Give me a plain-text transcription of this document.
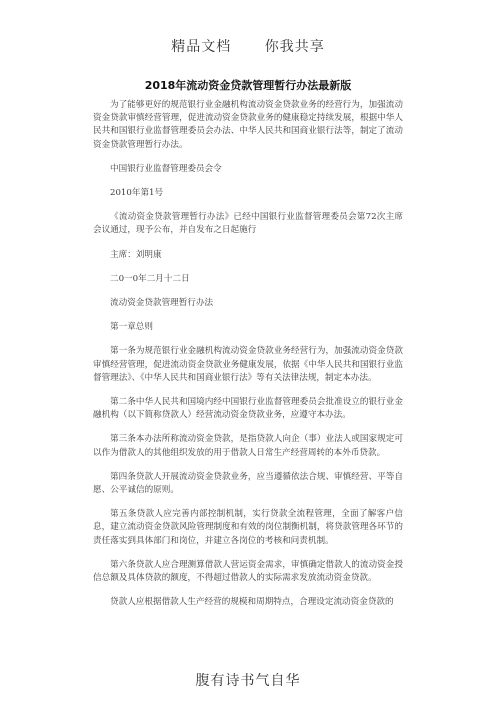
精品文档 你我共享
2018年流动资金贷款管理暂行办法最新版

为了能够更好的规范银行业金融机构流动资金贷款业务的经营行为，加强流动资金贷款审慎经营管理，促进流动资金贷款业务的健康稳定持续发展，根据中华人民共和国银行业监督管理委员会办法、中华人民共和国商业银行法等，制定了流动资金贷款管理暂行办法。

中国银行业监督管理委员会令

2010年第1号

《流动资金贷款管理暂行办法》已经中国银行业监督管理委员会第72次主席会议通过，现予公布，并自发布之日起施行

主席：刘明康

二0一0年二月十二日

流动资金贷款管理暂行办法

第一章总则

第一条为规范银行业金融机构流动资金贷款业务经营行为，加强流动资金贷款审慎经营管理，促进流动资金贷款业务健康发展，依据《中华人民共和国银行业监督管理法》、《中华人民共和国商业银行法》等有关法律法规，制定本办法。

第二条中华人民共和国境内经中国银行业监督管理委员会批准设立的银行业金融机构（以下简称贷款人）经营流动资金贷款业务，应遵守本办法。

第三条本办法所称流动资金贷款，是指贷款人向企（事）业法人或国家规定可以作为借款人的其他组织发放的用于借款人日常生产经营周转的本外币贷款。

第四条贷款人开展流动资金贷款业务，应当遵循依法合规、审慎经营、平等自愿、公平诚信的原则。

第五条贷款人应完善内部控制机制，实行贷款全流程管理，全面了解客户信息，建立流动资金贷款风险管理制度和有效的岗位制衡机制，将贷款管理各环节的责任落实到具体部门和岗位，并建立各岗位的考核和问责机制。

第六条贷款人应合理测算借款人营运资金需求，审慎确定借款人的流动资金授信总额及具体贷款的额度，不得超过借款人的实际需求发放流动资金贷款。

贷款人应根据借款人生产经营的规模和周期特点，合理设定流动资金贷款的

腹有诗书气自华
